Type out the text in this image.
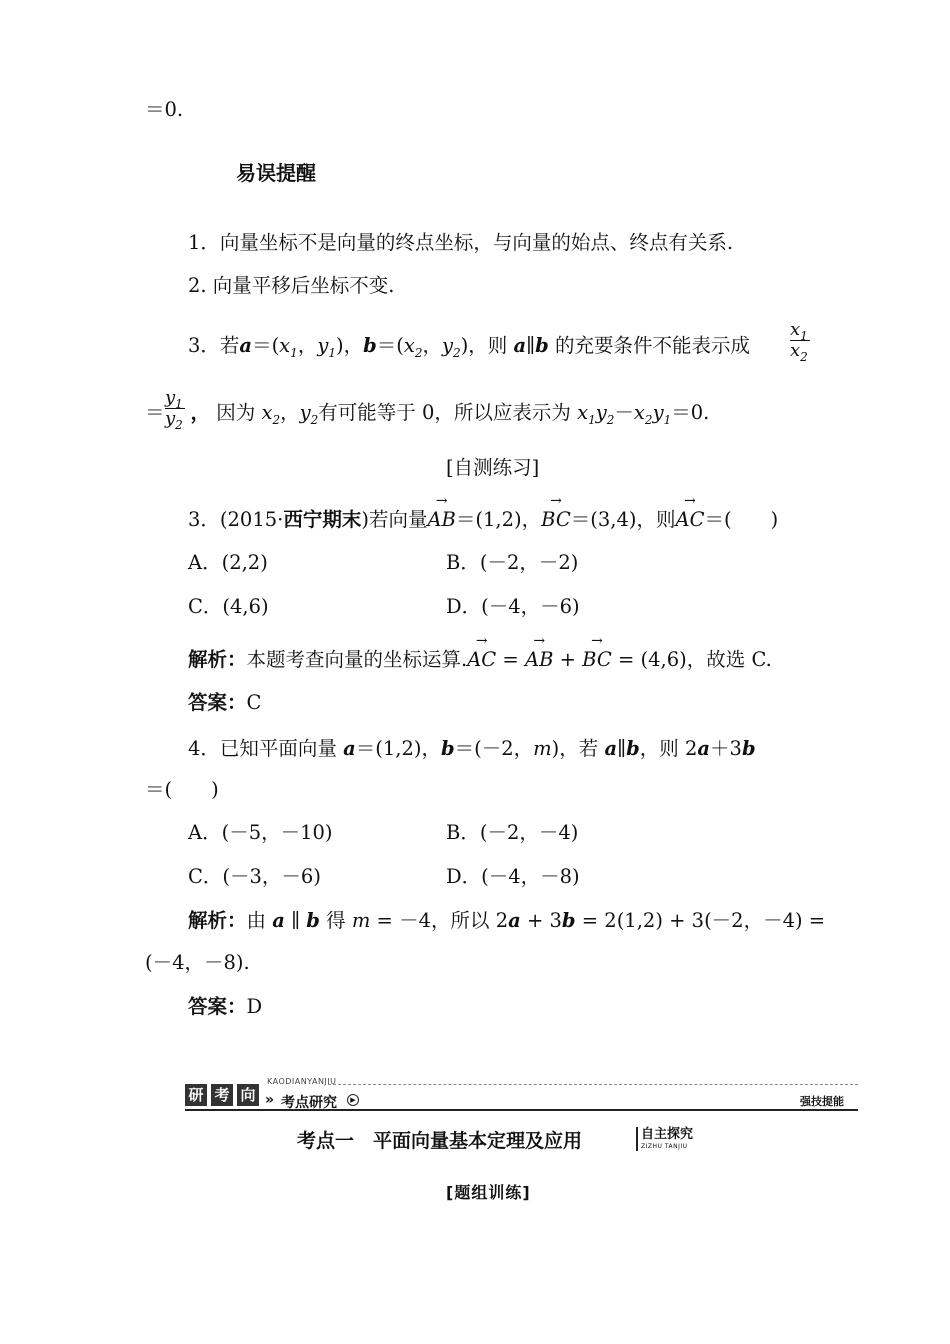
＝0.
易误提醒
1．向量坐标不是向量的终点坐标，与向量的始点、终点有关系.
2. 向量平移后坐标不变.
3．若$a=(x_1$，$y_1$)，$b=(x_2$，$y_2$)，则 a∥b 的充要条件不能表示成
$x_1$
$x_2$
＝ ， 因为 $x_2$，$y_2$有可能等于 0，所以应表示为 $x_1y_2-x_2y_1=0$.
$y_1$
$y_2$
[自测练习]
3．(2015·西宁期末)若向量→ AB＝(1,2)，→ BC＝(3,4)，则→ AC＝(　　)
A．(2,2)	B．(－2，－2)
C．(4,6)	D．(－4，－6)
解析：本题考查向量的坐标运算.→ AC = → AB + → BC = (4,6)，故选 C.
答案：C
4．已知平面向量 a＝(1,2)，b＝(－2，m)，若 a∥b，则 2a＋3b
＝(　　)
A．(－5，－10)	B．(－2，－4)
C．(－3，－6)	D．(－4，－8)
解析：由 a ∥ b 得 m = －4，所以 2a + 3b = 2(1,2) + 3(－2，－4) =
(－4，－8).
答案：D
研 考 向
KAODIANYANJIU
» 考点研究	▶	强技提能
考点一　平面向量基本定理及应用	自主探究
ZIZHU TANJIU
[题组训练]
